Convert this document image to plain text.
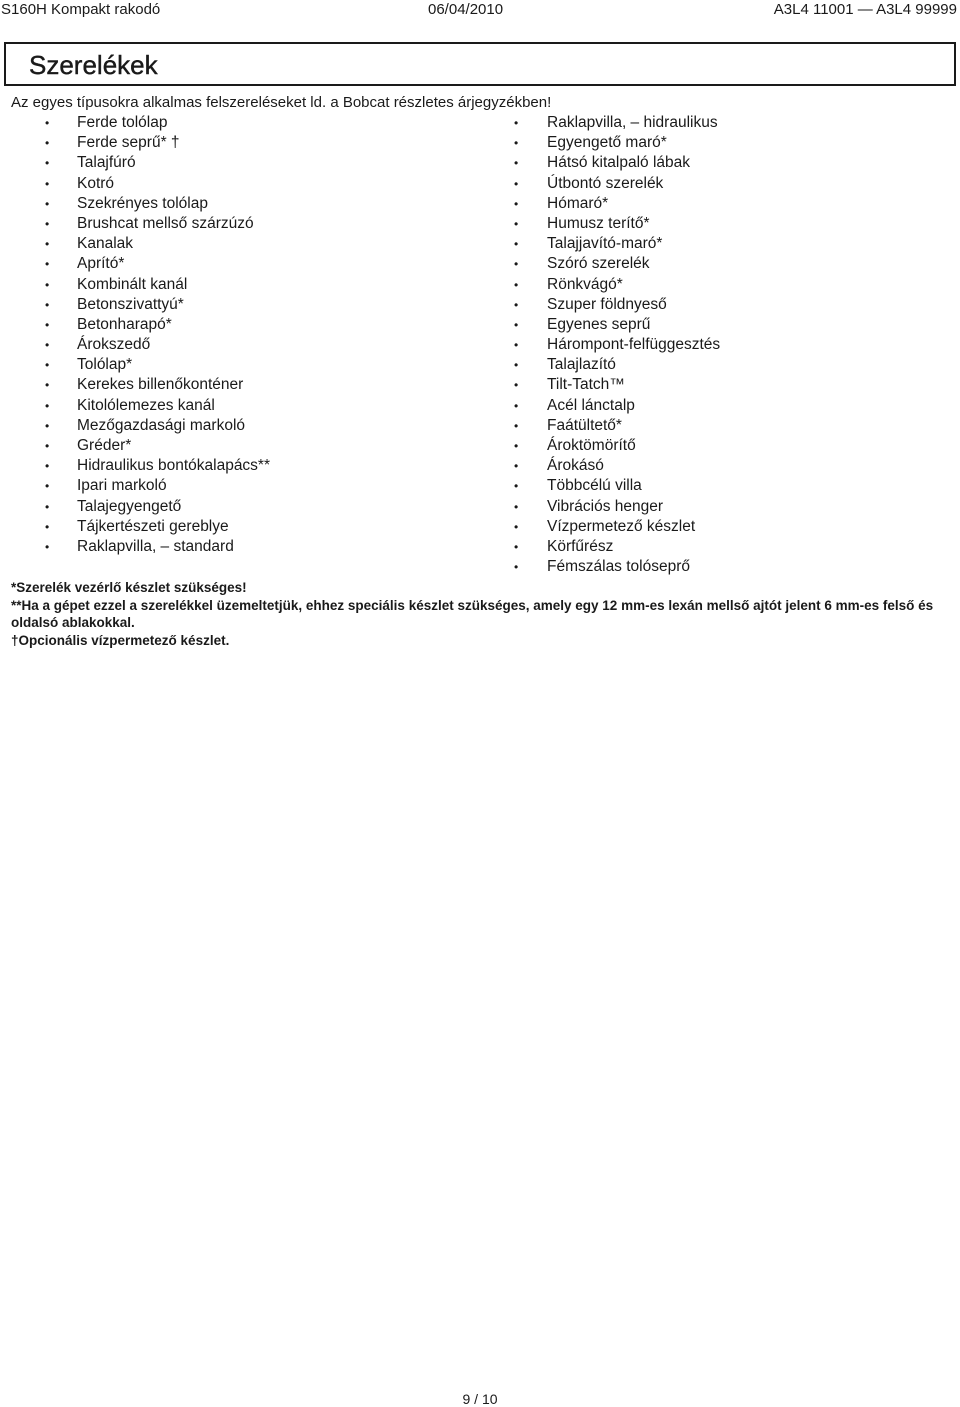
S160H Kompakt rakodó	06/04/2010	A3L4 11001 — A3L4 99999
Szerelékek
Az egyes típusokra alkalmas felszereléseket ld. a Bobcat részletes árjegyzékben!
• Ferde tolólap
• Ferde seprű* †
• Talajfúró
• Kotró
• Szekrényes tolólap
• Brushcat mellső szárzúzó
• Kanalak
• Aprító*
• Kombinált kanál
• Betonszivattyú*
• Betonharapó*
• Árokszedő
• Tolólap*
• Kerekes billenőkonténer
• Kitolólemezes kanál
• Mezőgazdasági markoló
• Gréder*
• Hidraulikus bontókalapács**
• Ipari markoló
• Talajegyengető
• Tájkertészeti gereblye
• Raklapvilla, – standard
• Raklapvilla, – hidraulikus
• Egyengető maró*
• Hátsó kitalpaló lábak
• Útbontó szerelék
• Hómaró*
• Humusz terítő*
• Talajjavító-maró*
• Szóró szerelék
• Rönkvágó*
• Szuper földnyeső
• Egyenes seprű
• Hárompont-felfüggesztés
• Talajlazító
• Tilt-Tatch™
• Acél lánctalp
• Faátültető*
• Ároktömörítő
• Árokásó
• Többcélú villa
• Vibrációs henger
• Vízpermetező készlet
• Körfűrész
• Fémszálas tolóseprő

*Szerelék vezérlő készlet szükséges!

**Ha a gépet ezzel a szerelékkel üzemeltetjük, ehhez speciális készlet szükséges, amely egy 12 mm-es lexán mellső ajtót jelent 6 mm-es felső és oldalsó ablakokkal.

†Opcionális vízpermetező készlet.

9 / 10
